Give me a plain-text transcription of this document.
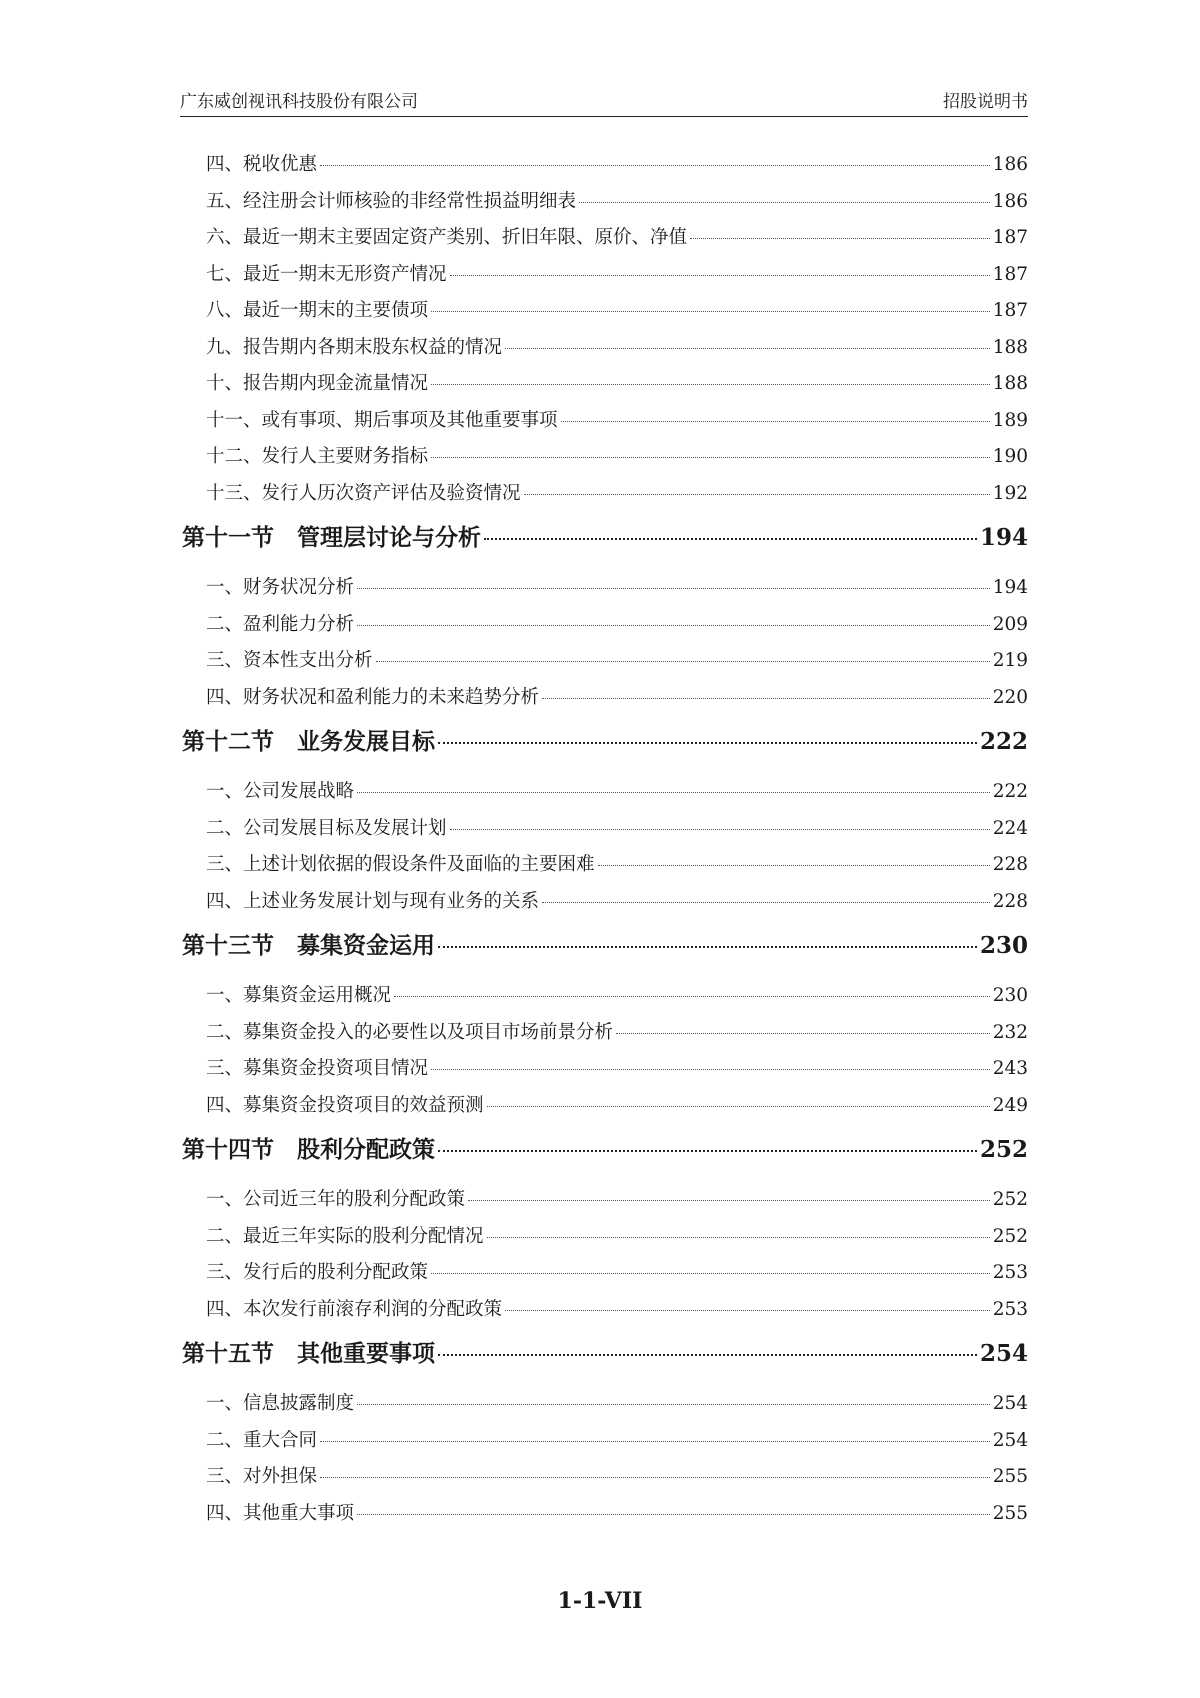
广东威创视讯科技股份有限公司	招股说明书
四、税收优惠	186
五、经注册会计师核验的非经常性损益明细表	186
六、最近一期末主要固定资产类别、折旧年限、原价、净值	187
七、最近一期末无形资产情况	187
八、最近一期末的主要债项	187
九、报告期内各期末股东权益的情况	188
十、报告期内现金流量情况	188
十一、或有事项、期后事项及其他重要事项	189
十二、发行人主要财务指标	190
十三、发行人历次资产评估及验资情况	192
第十一节　管理层讨论与分析	194
一、财务状况分析	194
二、盈利能力分析	209
三、资本性支出分析	219
四、财务状况和盈利能力的未来趋势分析	220
第十二节　业务发展目标	222
一、公司发展战略	222
二、公司发展目标及发展计划	224
三、上述计划依据的假设条件及面临的主要困难	228
四、上述业务发展计划与现有业务的关系	228
第十三节　募集资金运用	230
一、募集资金运用概况	230
二、募集资金投入的必要性以及项目市场前景分析	232
三、募集资金投资项目情况	243
四、募集资金投资项目的效益预测	249
第十四节　股利分配政策	252
一、公司近三年的股利分配政策	252
二、最近三年实际的股利分配情况	252
三、发行后的股利分配政策	253
四、本次发行前滚存利润的分配政策	253
第十五节　其他重要事项	254
一、信息披露制度	254
二、重大合同	254
三、对外担保	255
四、其他重大事项	255
1-1-VII
